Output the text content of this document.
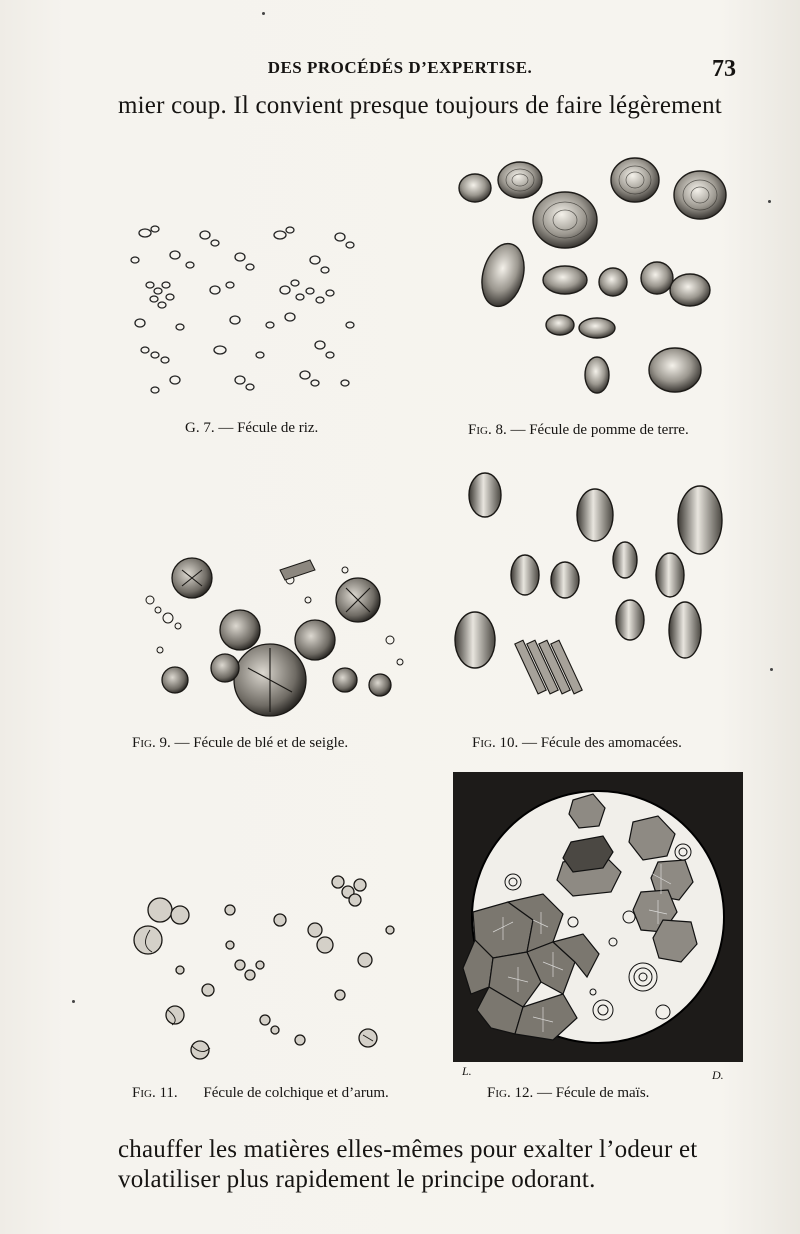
DES PROCÉDÉS D’EXPERTISE.	73
mier coup. Il convient presque toujours de faire légèrement
G. 7. — Fécule de riz.	Fig. 8. — Fécule de pomme de terre.
Fig. 9. — Fécule de blé et de seigle.	Fig. 10. — Fécule des amomacées.
Fig. 11. Fécule de colchique et d’arum.
L.	D.
Fig. 12. — Fécule de maïs.
chauffer les matières elles-mêmes pour exalter l’odeur et
volatiliser plus rapidement le principe odorant.
